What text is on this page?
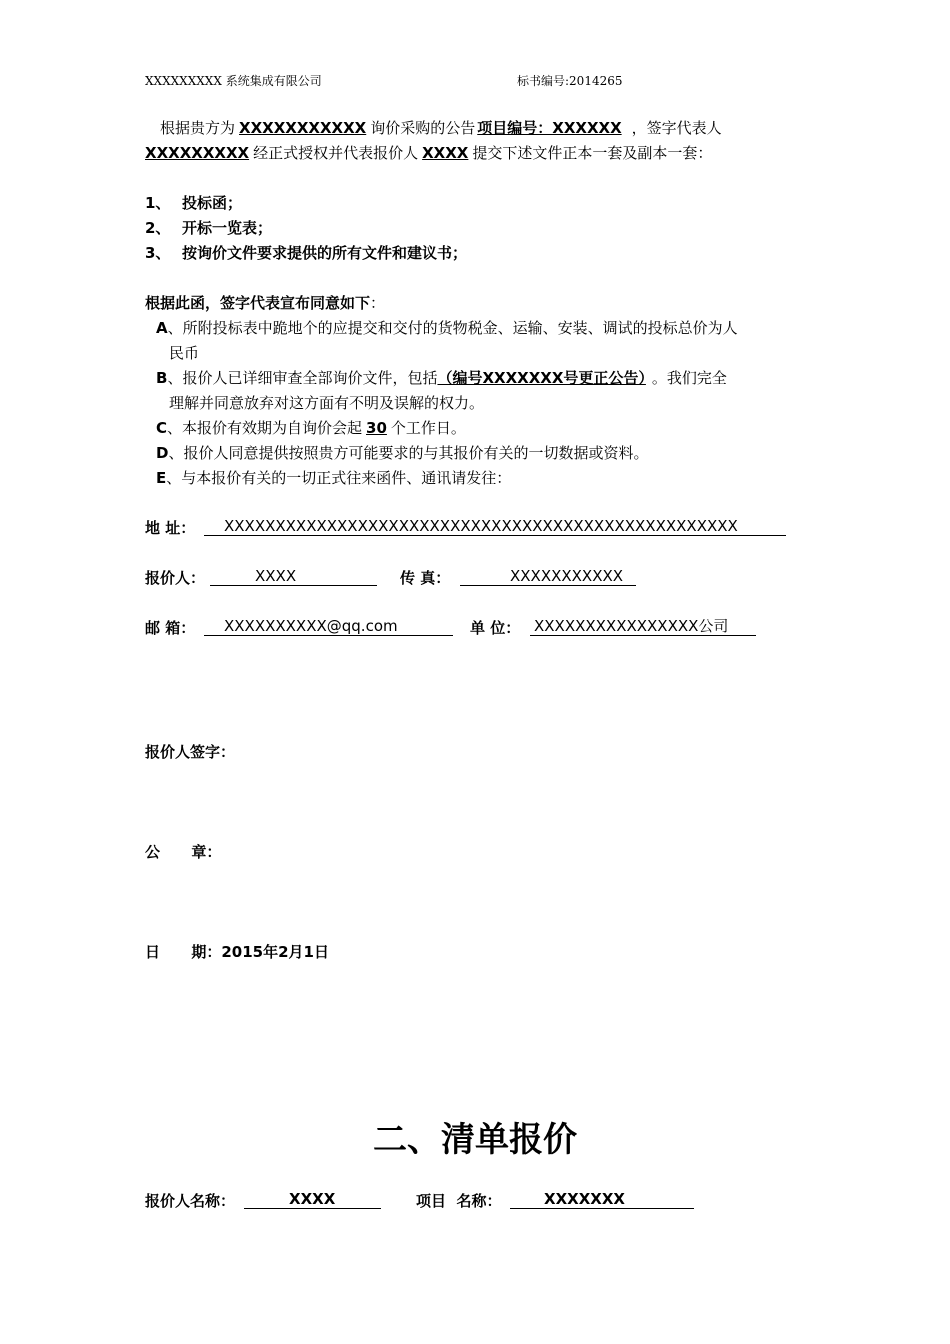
XXXXXXXXX 系统集成有限公司	标书编号:2014265
根据贵方为 XXXXXXXXXXX 询价采购的公告 项目编号：XXXXXX ，签字代表人
XXXXXXXXX 经正式授权并代表报价人 XXXX 提交下述文件正本一套及副本一套：
1、 投标函；
2、 开标一览表；
3、 按询价文件要求提供的所有文件和建议书；
根据此函，签字代表宣布同意如下：
A、所附投标表中跪地个的应提交和交付的货物税金、运输、安装、调试的投标总价为人
民币
B、报价人已详细审查全部询价文件，包括（编号XXXXXXX号更正公告） 。我们完全
理解并同意放弃对这方面有不明及误解的权力。
C、本报价有效期为自询价会起 30 个工作日。
D、报价人同意提供按照贵方可能要求的与其报价有关的一切数据或资料。
E、与本报价有关的一切正式往来函件、通讯请发往：
地 址：	XXXXXXXXXXXXXXXXXXXXXXXXXXXXXXXXXXXXXXXXXXXXXXXXXX
报价人：	XXXX	传 真：	XXXXXXXXXXX
邮 箱：	XXXXXXXXXX@qq.com	单 位： XXXXXXXXXXXXXXXX公司
报价人签字：
公      章：
日      期：2015年2月1日
二、清单报价
报价人名称：	XXXX	项目  名称：	XXXXXXX
